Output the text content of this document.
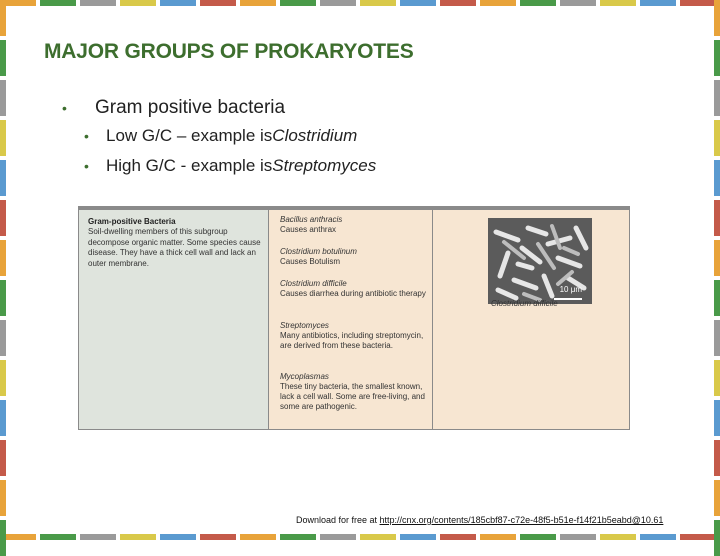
MAJOR GROUPS OF PROKARYOTES

•	Gram positive bacteria

•	Low G/C – example is Clostridium

•	High G/C - example is Streptomyces

Gram-positive Bacteria
Soil-dwelling members of this subgroup decompose organic matter. Some species cause disease. They have a thick cell wall and lack an outer membrane.
Bacillus anthracis
Causes anthrax
Clostridium botulinum
Causes Botulism
Clostridium difficile
Causes diarrhea during antibiotic therapy
Streptomyces
Many antibiotics, including streptomycin, are derived from these bacteria.
Mycoplasmas
These tiny bacteria, the smallest known, lack a cell wall. Some are free-living, and some are pathogenic.
10 μm
Clostridium difficile
Download for free at http://cnx.org/contents/185cbf87-c72e-48f5-b51e-f14f21b5eabd@10.61
